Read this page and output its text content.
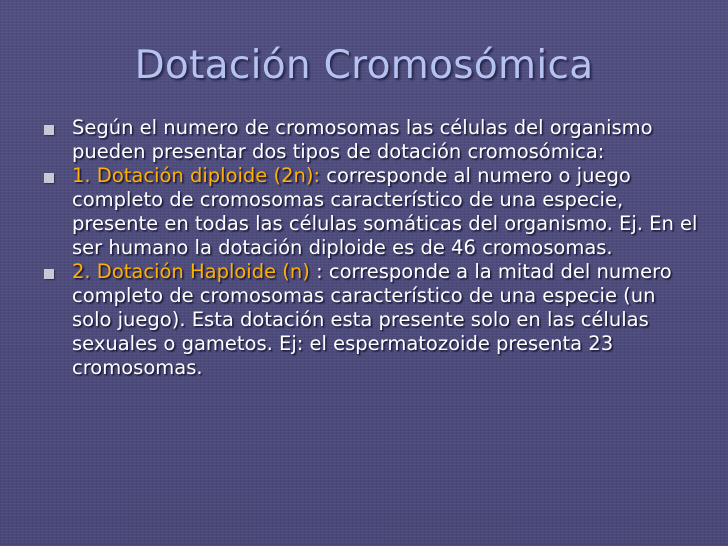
Dotación Cromosómica
Según el numero de cromosomas las células del organismo pueden presentar dos tipos de dotación cromosómica:
1. Dotación diploide (2n): corresponde al numero o juego completo de cromosomas característico de una especie, presente en todas las células somáticas del organismo. Ej. En el ser humano la dotación diploide es de 46 cromosomas.
2. Dotación Haploide (n) : corresponde a la mitad del numero completo de cromosomas característico de una especie (un solo juego). Esta dotación esta presente solo en las células sexuales o gametos. Ej: el espermatozoide presenta 23 cromosomas.
